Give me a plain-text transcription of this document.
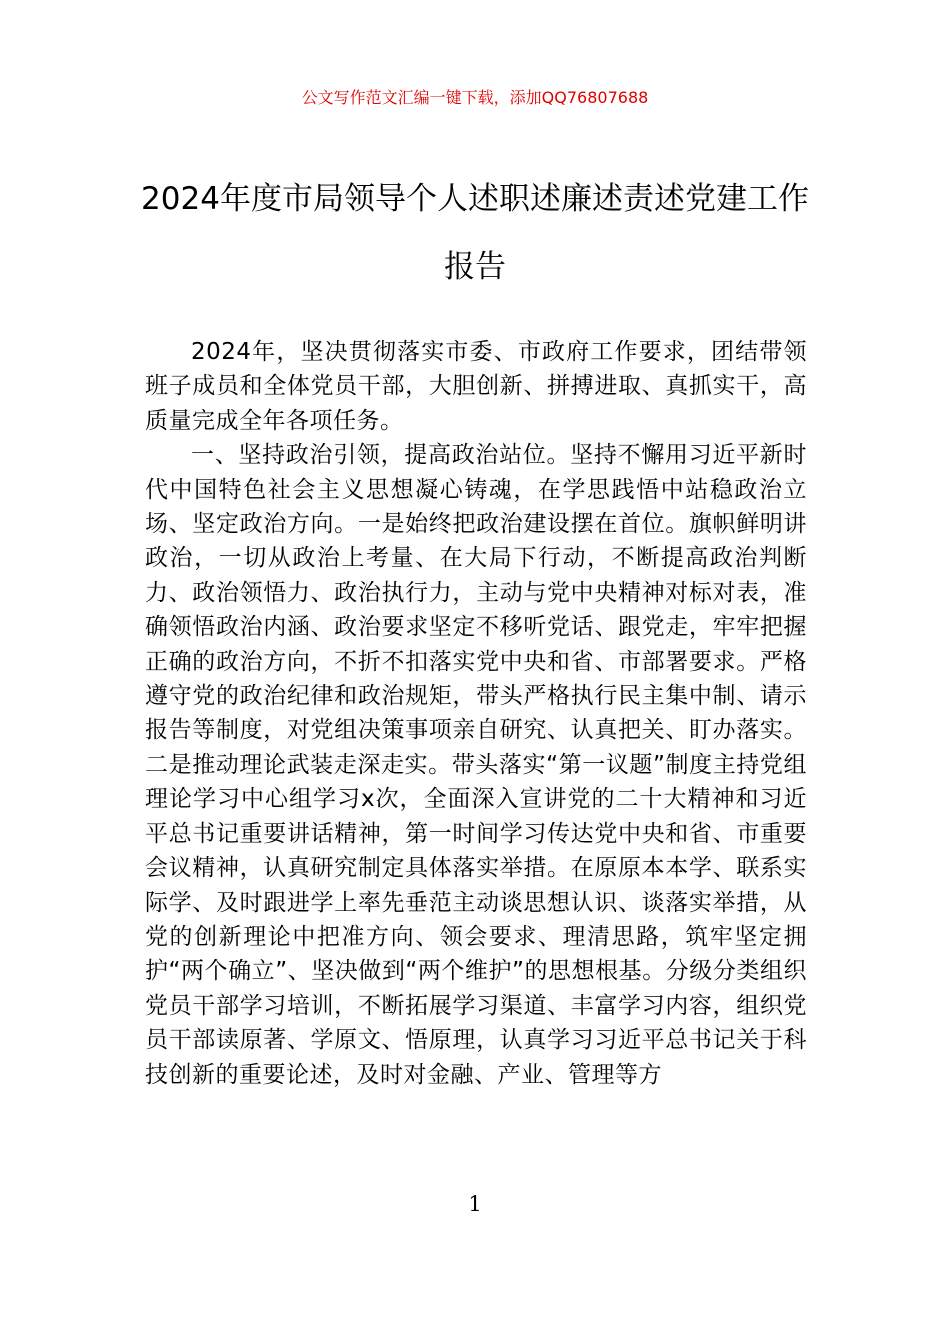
公文写作范文汇编一键下载，添加QQ76807688
2024年度市局领导个人述职述廉述责述党建工作报告

2024年，坚决贯彻落实市委、市政府工作要求，团结带领班子成员和全体党员干部，大胆创新、拼搏进取、真抓实干，高质量完成全年各项任务。

一、坚持政治引领，提高政治站位。坚持不懈用习近平新时代中国特色社会主义思想凝心铸魂，在学思践悟中站稳政治立场、坚定政治方向。一是始终把政治建设摆在首位。旗帜鲜明讲政治，一切从政治上考量、在大局下行动，不断提高政治判断力、政治领悟力、政治执行力，主动与党中央精神对标对表，准确领悟政治内涵、政治要求坚定不移听党话、跟党走，牢牢把握正确的政治方向，不折不扣落实党中央和省、市部署要求。严格遵守党的政治纪律和政治规矩，带头严格执行民主集中制、请示报告等制度，对党组决策事项亲自研究、认真把关、盯办落实。二是推动理论武装走深走实。带头落实“第一议题”制度主持党组理论学习中心组学习x次，全面深入宣讲党的二十大精神和习近平总书记重要讲话精神，第一时间学习传达党中央和省、市重要会议精神，认真研究制定具体落实举措。在原原本本学、联系实际学、及时跟进学上率先垂范主动谈思想认识、谈落实举措，从党的创新理论中把准方向、领会要求、理清思路，筑牢坚定拥护“两个确立”、坚决做到“两个维护”的思想根基。分级分类组织党员干部学习培训，不断拓展学习渠道、丰富学习内容，组织党员干部读原著、学原文、悟原理，认真学习习近平总书记关于科技创新的重要论述，及时对金融、产业、管理等方

1
